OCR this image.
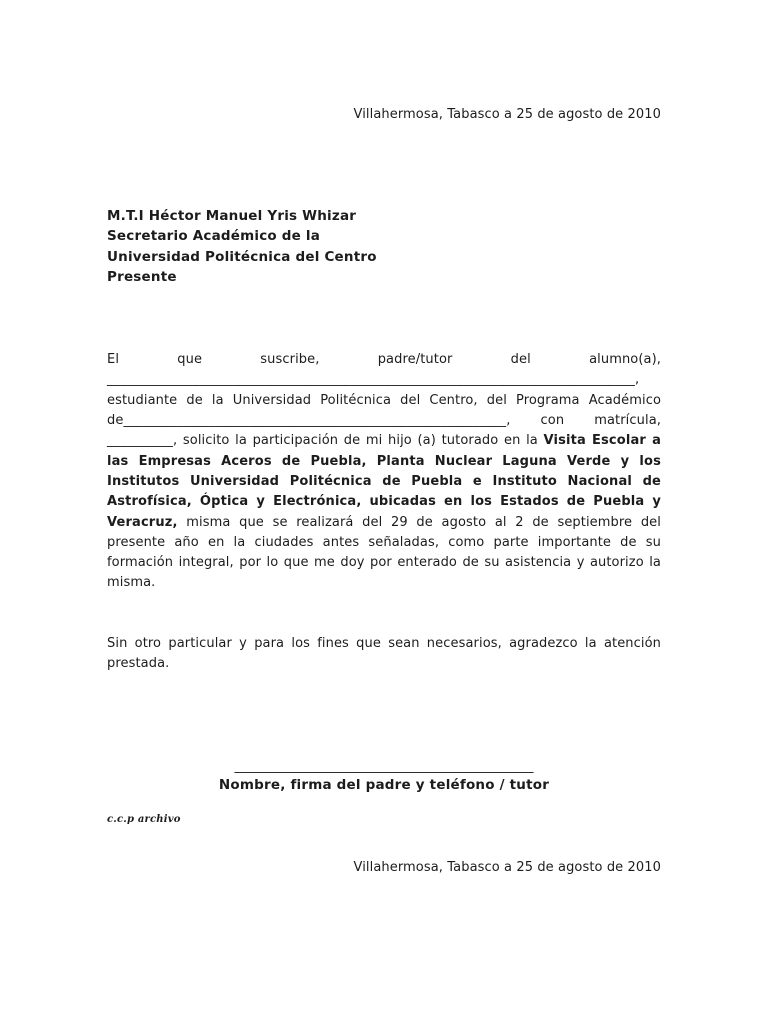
Villahermosa, Tabasco a 25 de agosto de 2010
M.T.I Héctor Manuel Yris Whizar
Secretario Académico de la
Universidad Politécnica del Centro
Presente

El que suscribe, padre/tutor del alumno(a), ________________________________________________________________________________, estudiante de la Universidad Politécnica del Centro, del Programa Académico de__________________________________________________________, con matrícula, __________, solicito la participación de mi hijo (a) tutorado en la Visita Escolar a las Empresas Aceros de Puebla, Planta Nuclear Laguna Verde y los Institutos Universidad Politécnica de Puebla e Instituto Nacional de Astrofísica, Óptica y Electrónica, ubicadas en los Estados de Puebla y Veracruz, misma que se realizará del 29 de agosto al 2 de septiembre del presente año en la ciudades antes señaladas, como parte importante de su formación integral, por lo que me doy por enterado de su asistencia y autorizo la misma.

Sin otro particular y para los fines que sean necesarios, agradezco la atención prestada.

______________________________________________
Nombre, firma del padre y teléfono / tutor
c.c.p archivo
Villahermosa, Tabasco a 25 de agosto de 2010
